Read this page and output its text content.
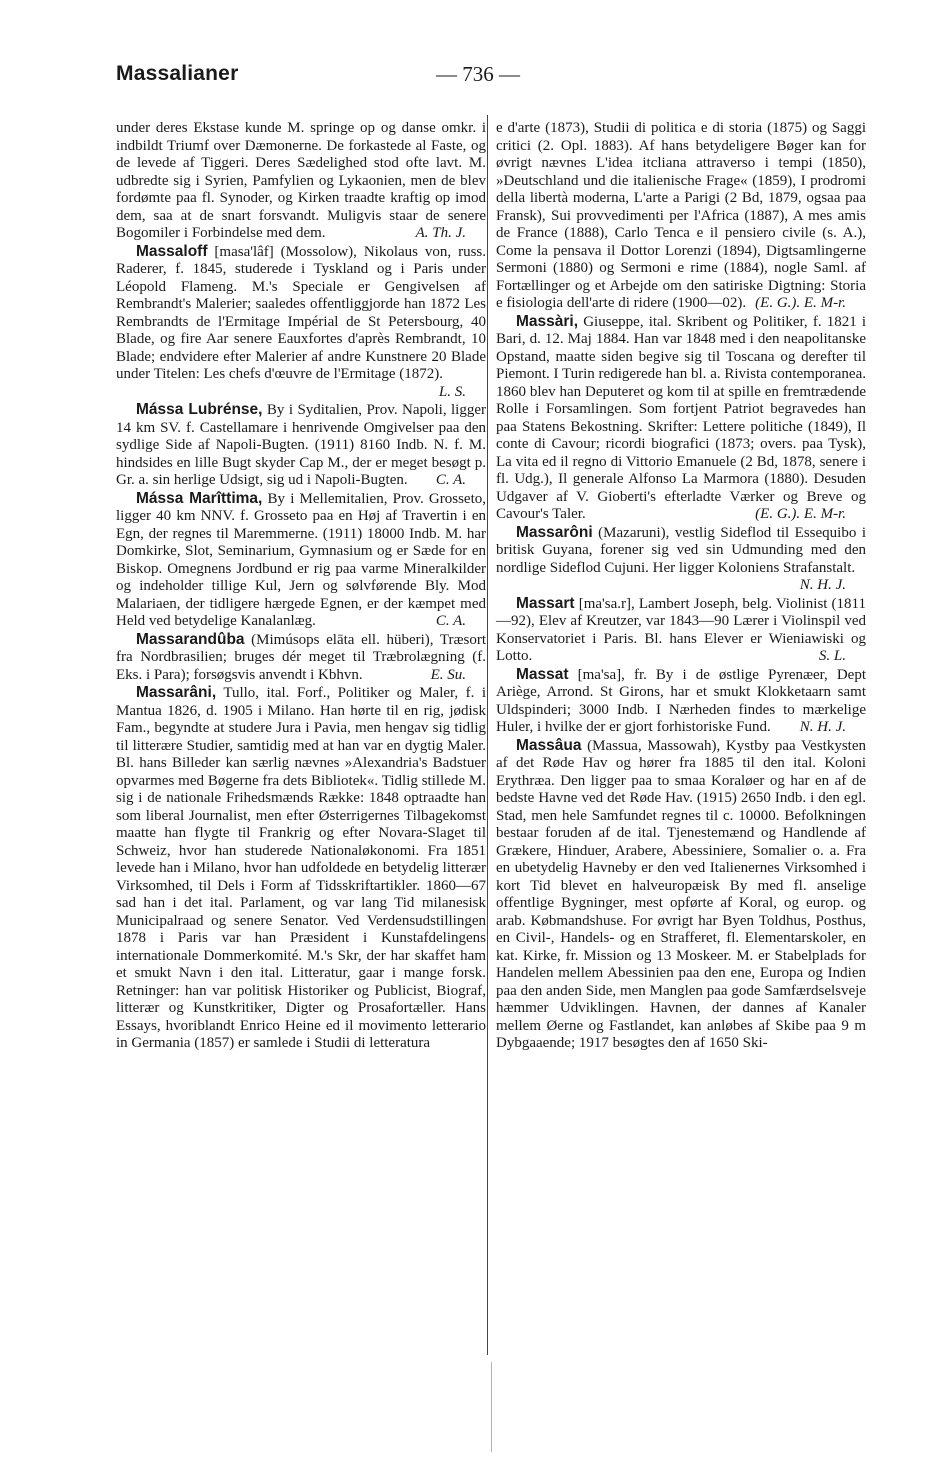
Massalianer	— 736 —

under deres Ekstase kunde M. springe op og danse omkr. i indbildt Triumf over Dæmonerne. De forkastede al Faste, og de levede af Tiggeri. Deres Sædelighed stod ofte lavt. M. udbredte sig i Syrien, Pamfylien og Lykaonien, men de blev fordømte paa fl. Synoder, og Kirken traadte kraftig op imod dem, saa at de snart forsvandt. Muligvis staar de senere Bogomiler i Forbindelse med dem.	A. Th. J.

Massaloff [masa'lâf] (Mossolow), Nikolaus von, russ. Raderer, f. 1845, studerede i Tyskland og i Paris under Léopold Flameng. M.'s Speciale er Gengivelsen af Rembrandt's Malerier; saaledes offentliggjorde han 1872 Les Rembrandts de l'Ermitage Impérial de St Petersbourg, 40 Blade, og fire Aar senere Eauxfortes d'après Rembrandt, 10 Blade; endvidere efter Malerier af andre Kunstnere 20 Blade under Titelen: Les chefs d'œuvre de l'Ermitage (1872).
L. S.

Mássa Lubrénse, By i Syditalien, Prov. Napoli, ligger 14 km SV. f. Castellamare i henrivende Omgivelser paa den sydlige Side af Napoli-Bugten. (1911) 8160 Indb. N. f. M. hindsides en lille Bugt skyder Cap M., der er meget besøgt p. Gr. a. sin herlige Udsigt, sig ud i Napoli-Bugten. C. A.

Mássa Marîttima, By i Mellemitalien, Prov. Grosseto, ligger 40 km NNV. f. Grosseto paa en Høj af Travertin i en Egn, der regnes til Maremmerne. (1911) 18000 Indb. M. har Domkirke, Slot, Seminarium, Gymnasium og er Sæde for en Biskop. Omegnens Jordbund er rig paa varme Mineralkilder og indeholder tillige Kul, Jern og sølvførende Bly. Mod Malariaen, der tidligere hærgede Egnen, er der kæmpet med Held ved betydelige Kanalanlæg.	C. A.

Massarandûba (Mimúsops elāta ell. hüberi), Træsort fra Nordbrasilien; bruges dér meget til Træbrolægning (f. Eks. i Para); forsøgsvis anvendt i Kbhvn.	E. Su.

Massarâni, Tullo, ital. Forf., Politiker og Maler, f. i Mantua 1826, d. 1905 i Milano. Han hørte til en rig, jødisk Fam., begyndte at studere Jura i Pavia, men hengav sig tidlig til litterære Studier, samtidig med at han var en dygtig Maler. Bl. hans Billeder kan særlig nævnes »Alexandria's Badstuer opvarmes med Bøgerne fra dets Bibliotek«. Tidlig stillede M. sig i de nationale Frihedsmænds Række: 1848 optraadte han som liberal Journalist, men efter Østerrigernes Tilbagekomst maatte han flygte til Frankrig og efter Novara-Slaget til Schweiz, hvor han studerede Nationaløkonomi. Fra 1851 levede han i Milano, hvor han udfoldede en betydelig litterær Virksomhed, til Dels i Form af Tidsskriftartikler. 1860—67 sad han i det ital. Parlament, og var lang Tid milanesisk Municipalraad og senere Senator. Ved Verdensudstillingen 1878 i Paris var han Præsident i Kunstafdelingens internationale Dommerkomité. M.'s Skr, der har skaffet ham et smukt Navn i den ital. Litteratur, gaar i mange forsk. Retninger: han var politisk Historiker og Publicist, Biograf, litterær og Kunstkritiker, Digter og Prosafortæller. Hans Essays, hvoriblandt Enrico Heine ed il movimento letterario in Germania (1857) er samlede i Studii di letteratura

e d'arte (1873), Studii di politica e di storia (1875) og Saggi critici (2. Opl. 1883). Af hans betydeligere Bøger kan for øvrigt nævnes L'idea itcliana attraverso i tempi (1850), »Deutschland und die italienische Frage« (1859), I prodromi della libertà moderna, L'arte a Parigi (2 Bd, 1879, ogsaa paa Fransk), Sui provvedimenti per l'Africa (1887), A mes amis de France (1888), Carlo Tenca e il pensiero civile (s. A.), Come la pensava il Dottor Lorenzi (1894), Digtsamlingerne Sermoni (1880) og Sermoni e rime (1884), nogle Saml. af Fortællinger og et Arbejde om den satiriske Digtning: Storia e fisiologia dell'arte di ridere (1900—02). (E. G.). E. M-r.

Massàri, Giuseppe, ital. Skribent og Politiker, f. 1821 i Bari, d. 12. Maj 1884. Han var 1848 med i den neapolitanske Opstand, maatte siden begive sig til Toscana og derefter til Piemont. I Turin redigerede han bl. a. Rivista contemporanea. 1860 blev han Deputeret og kom til at spille en fremtrædende Rolle i Forsamlingen. Som fortjent Patriot begravedes han paa Statens Bekostning. Skrifter: Lettere politiche (1849), Il conte di Cavour; ricordi biografici (1873; overs. paa Tysk), La vita ed il regno di Vittorio Emanuele (2 Bd, 1878, senere i fl. Udg.), Il generale Alfonso La Marmora (1880). Desuden Udgaver af V. Gioberti's efterladte Værker og Breve og Cavour's Taler.	(E. G.). E. M-r.

Massarôni (Mazaruni), vestlig Sideflod til Essequibo i britisk Guyana, forener sig ved sin Udmunding med den nordlige Sideflod Cujuni. Her ligger Koloniens Strafanstalt.
N. H. J.

Massart [ma'sa.r], Lambert Joseph, belg. Violinist (1811—92), Elev af Kreutzer, var 1843—90 Lærer i Violinspil ved Konservatoriet i Paris. Bl. hans Elever er Wieniawiski og Lotto.	S. L.

Massat [ma'sa], fr. By i de østlige Pyrenæer, Dept Ariège, Arrond. St Girons, har et smukt Klokketaarn samt Uldspinderi; 3000 Indb. I Nærheden findes to mærkelige Huler, i hvilke der er gjort forhistoriske Fund. N. H. J.

Massâua (Massua, Massowah), Kystby paa Vestkysten af det Røde Hav og hører fra 1885 til den ital. Koloni Erythræa. Den ligger paa to smaa Koraløer og har en af de bedste Havne ved det Røde Hav. (1915) 2650 Indb. i den egl. Stad, men hele Samfundet regnes til c. 10000. Befolkningen bestaar foruden af de ital. Tjenestemænd og Handlende af Grækere, Hinduer, Arabere, Abessiniere, Somalier o. a. Fra en ubetydelig Havneby er den ved Italienernes Virksomhed i kort Tid blevet en halveuropæisk By med fl. anselige offentlige Bygninger, mest opførte af Koral, og europ. og arab. Købmandshuse. For øvrigt har Byen Toldhus, Posthus, en Civil-, Handels- og en Strafferet, fl. Elementarskoler, en kat. Kirke, fr. Mission og 13 Moskeer. M. er Stabelplads for Handelen mellem Abessinien paa den ene, Europa og Indien paa den anden Side, men Manglen paa gode Samfærdselsveje hæmmer Udviklingen. Havnen, der dannes af Kanaler mellem Øerne og Fastlandet, kan anløbes af Skibe paa 9 m Dybgaaende; 1917 besøgtes den af 1650 Ski-
